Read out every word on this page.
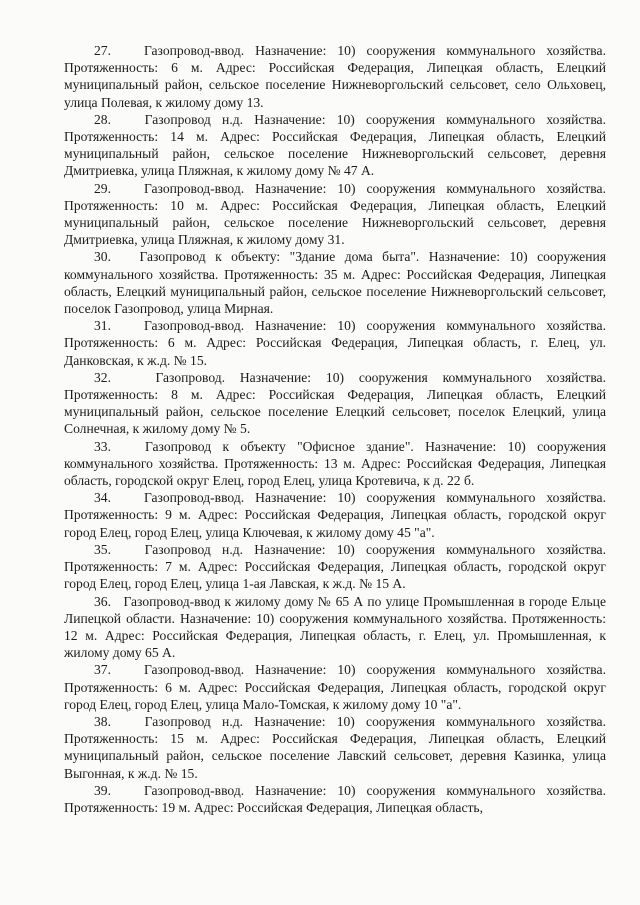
27. Газопровод-ввод. Назначение: 10) сооружения коммунального хозяйства. Протяженность: 6 м. Адрес: Российская Федерация, Липецкая область, Елецкий муниципальный район, сельское поселение Нижневоргольский сельсовет, село Ольховец, улица Полевая, к жилому дому 13.

28. Газопровод н.д. Назначение: 10) сооружения коммунального хозяйства. Протяженность: 14 м. Адрес: Российская Федерация, Липецкая область, Елецкий муниципальный район, сельское поселение Нижневоргольский сельсовет, деревня Дмитриевка, улица Пляжная, к жилому дому № 47 А.

29. Газопровод-ввод. Назначение: 10) сооружения коммунального хозяйства. Протяженность: 10 м. Адрес: Российская Федерация, Липецкая область, Елецкий муниципальный район, сельское поселение Нижневоргольский сельсовет, деревня Дмитриевка, улица Пляжная, к жилому дому 31.

30. Газопровод к объекту: "Здание дома быта". Назначение: 10) сооружения коммунального хозяйства. Протяженность: 35 м. Адрес: Российская Федерация, Липецкая область, Елецкий муниципальный район, сельское поселение Нижневоргольский сельсовет, поселок Газопровод, улица Мирная.

31. Газопровод-ввод. Назначение: 10) сооружения коммунального хозяйства. Протяженность: 6 м. Адрес: Российская Федерация, Липецкая область, г. Елец, ул. Данковская, к ж.д. № 15.

32.	Газопровод. Назначение: 10) сооружения коммунального хозяйства. Протяженность: 8 м. Адрес: Российская Федерация, Липецкая область, Елецкий муниципальный район, сельское поселение Елецкий сельсовет, поселок Елецкий, улица Солнечная, к жилому дому № 5.

33. Газопровод к объекту "Офисное здание". Назначение: 10) сооружения коммунального хозяйства. Протяженность: 13 м. Адрес: Российская Федерация, Липецкая область, городской округ Елец, город Елец, улица Кротевича, к д. 22 б.

34. Газопровод-ввод. Назначение: 10) сооружения коммунального хозяйства. Протяженность: 9 м. Адрес: Российская Федерация, Липецкая область, городской округ город Елец, город Елец, улица Ключевая, к жилому дому 45 "а".

35. Газопровод н.д. Назначение: 10) сооружения коммунального хозяйства. Протяженность: 7 м. Адрес: Российская Федерация, Липецкая область, городской округ город Елец, город Елец, улица 1-ая Лавская, к ж.д. № 15 А.

36. Газопровод-ввод к жилому дому № 65 А по улице Промышленная в городе Ельце Липецкой области. Назначение: 10) сооружения коммунального хозяйства. Протяженность: 12 м. Адрес: Российская Федерация, Липецкая область, г. Елец, ул. Промышленная, к жилому дому 65 А.

37. Газопровод-ввод. Назначение: 10) сооружения коммунального хозяйства. Протяженность: 6 м. Адрес: Российская Федерация, Липецкая область, городской округ город Елец, город Елец, улица Мало-Томская, к жилому дому 10 "а".

38. Газопровод н.д. Назначение: 10) сооружения коммунального хозяйства. Протяженность: 15 м. Адрес: Российская Федерация, Липецкая область, Елецкий муниципальный район, сельское поселение Лавский сельсовет, деревня Казинка, улица Выгонная, к ж.д. № 15.

39. Газопровод-ввод. Назначение: 10) сооружения коммунального хозяйства. Протяженность: 19 м. Адрес: Российская Федерация, Липецкая область,
